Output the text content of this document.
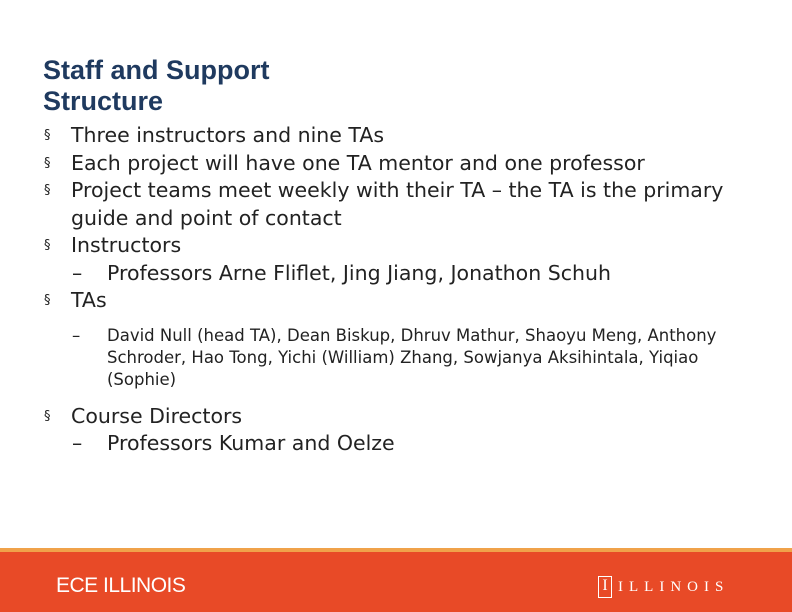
Staff and Support Structure
§ Three instructors and nine TAs
§ Each project will have one TA mentor and one professor
§ Project teams meet weekly with their TA – the TA is the primary guide and point of contact
§ Instructors
– Professors Arne Fliflet, Jing Jiang, Jonathon Schuh
§ TAs
– David Null (head TA), Dean Biskup, Dhruv Mathur, Shaoyu Meng, Anthony Schroder, Hao Tong, Yichi (William) Zhang, Sowjanya Aksihintala, Yiqiao (Sophie)
§ Course Directors
– Professors Kumar and Oelze
ECE ILLINOIS	I ILLINOIS
